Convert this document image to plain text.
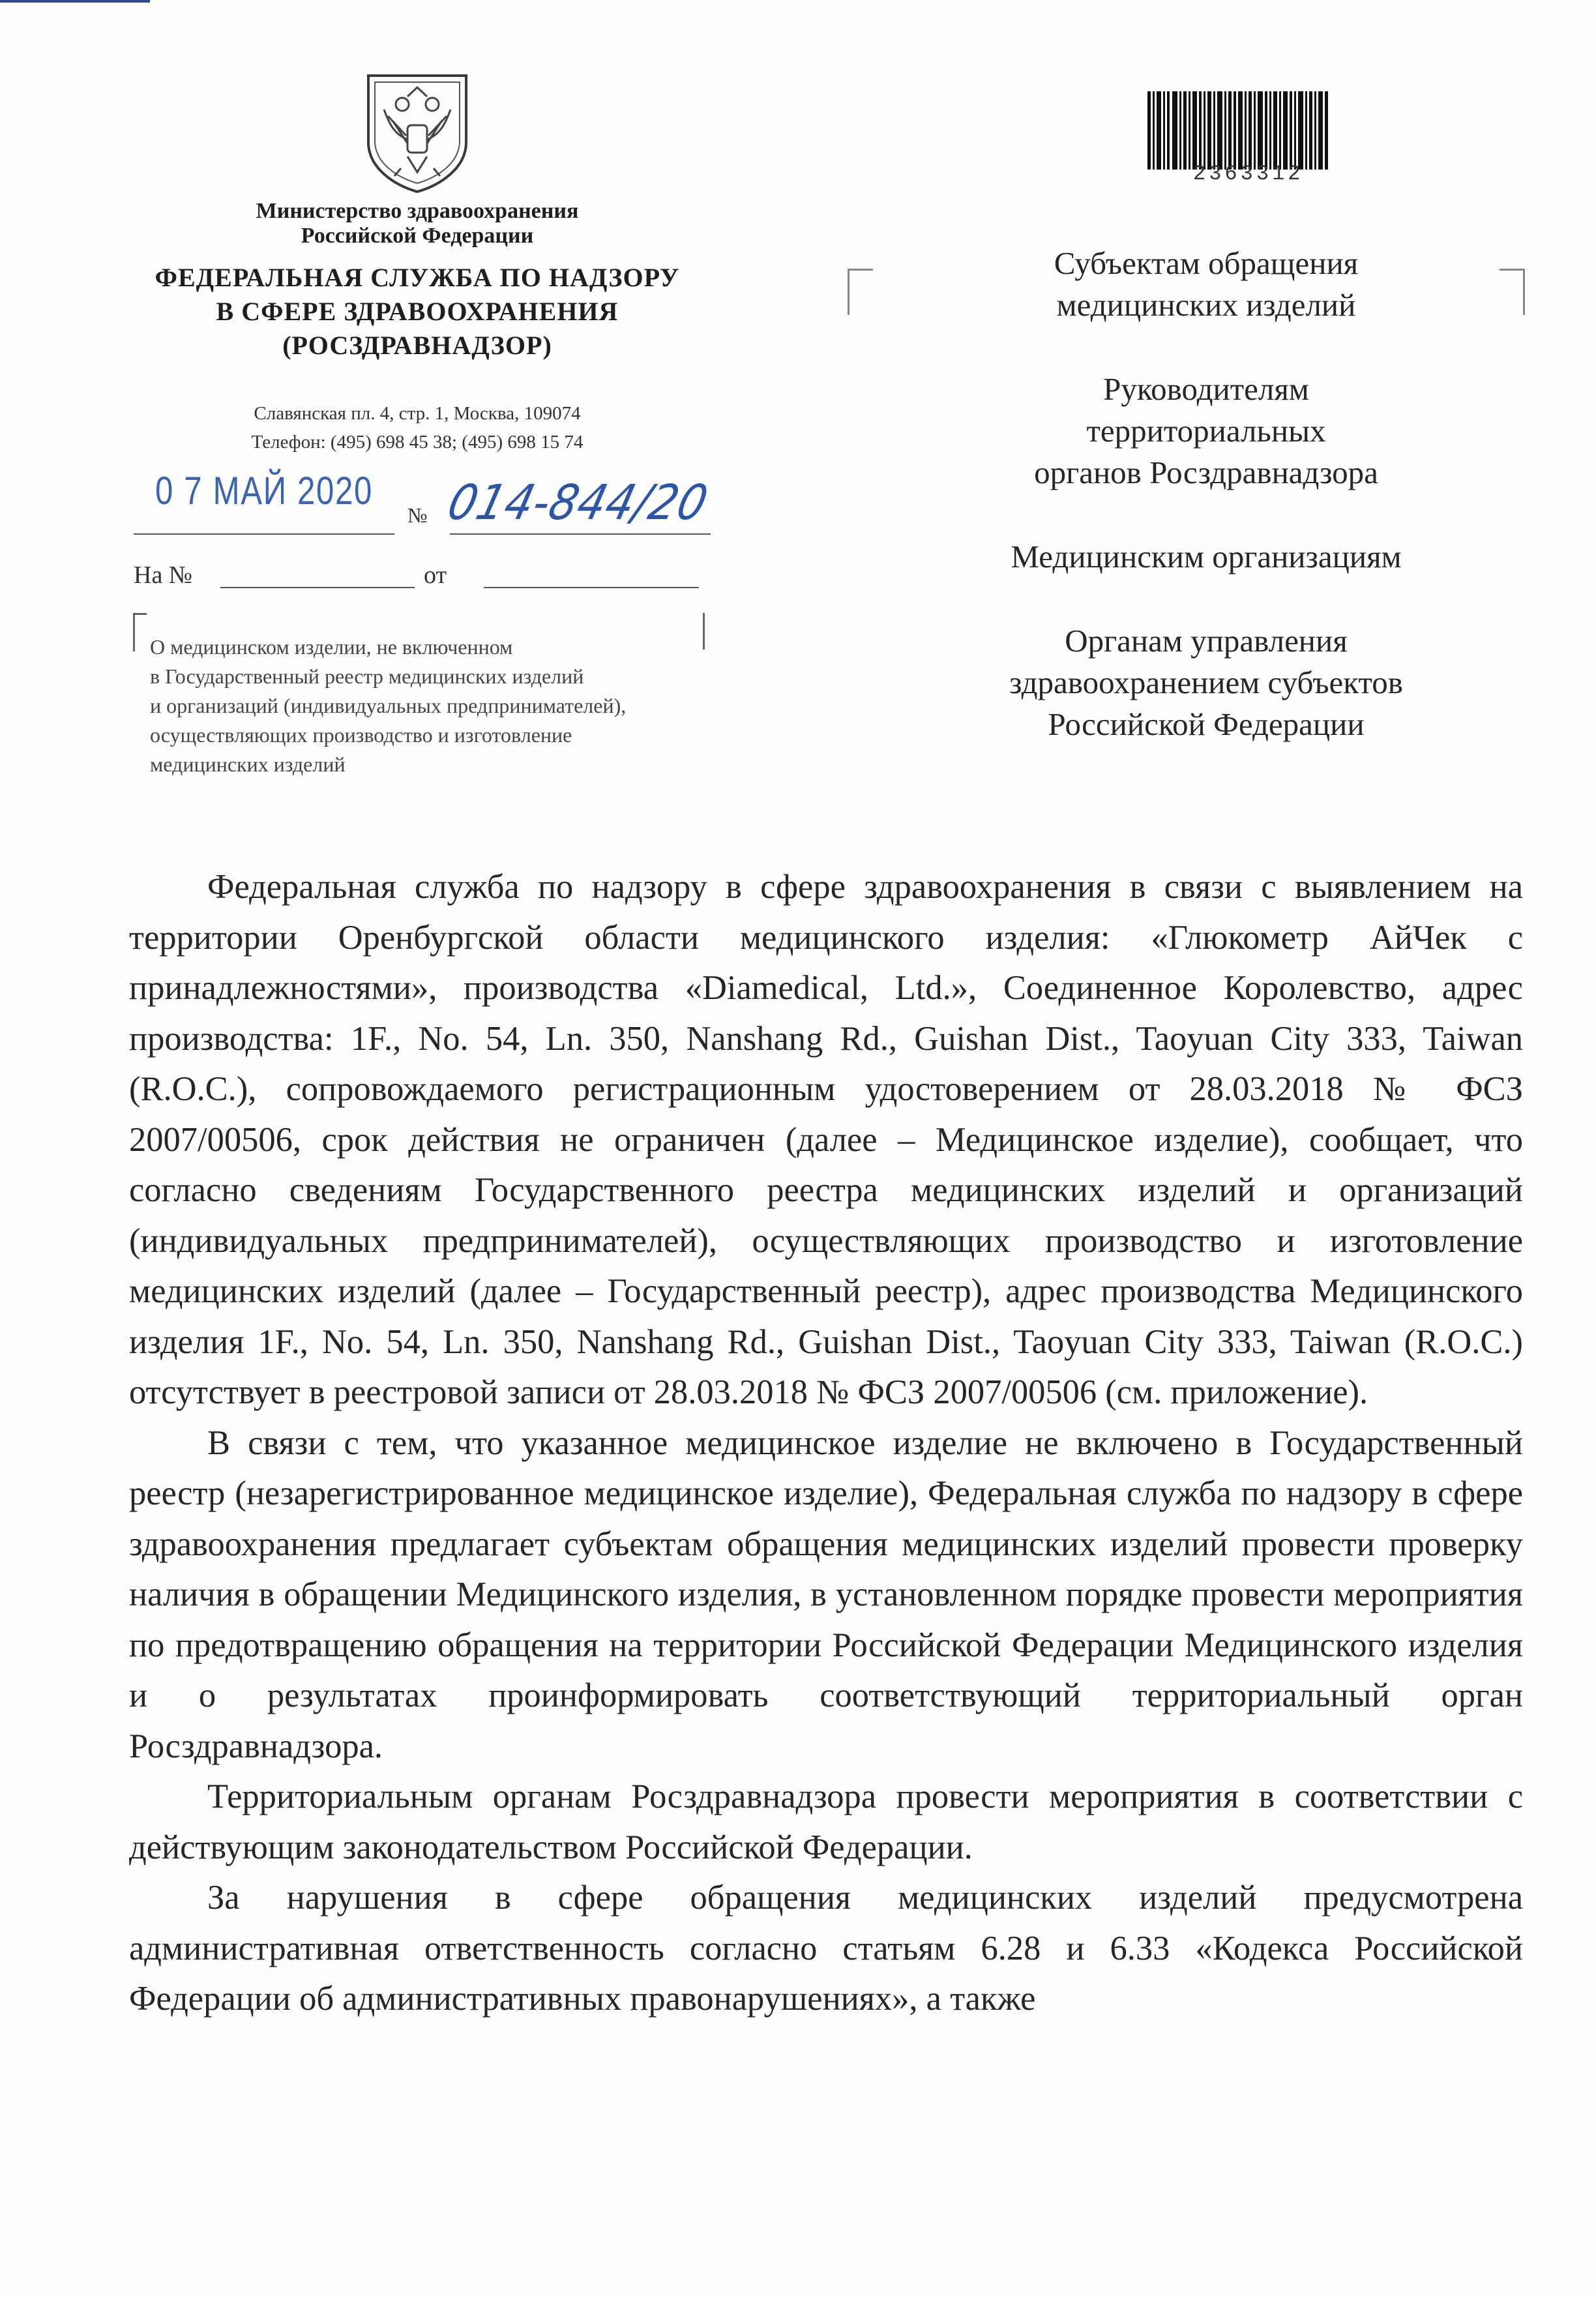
Министерство здравоохранения
Российской Федерации
ФЕДЕРАЛЬНАЯ СЛУЖБА ПО НАДЗОРУ
В СФЕРЕ ЗДРАВООХРАНЕНИЯ
(РОСЗДРАВНАДЗОР)
Славянская пл. 4, стр. 1, Москва, 109074
Телефон: (495) 698 45 38; (495) 698 15 74
0 7 МАЙ 2020
№ 014-844/20
На №	от
О медицинском изделии, не включенном
в Государственный реестр медицинских изделий
и организаций (индивидуальных предпринимателей),
осуществляющих производство и изготовление
медицинских изделий
2363312

Субъектам обращения
медицинских изделий

Руководителям
территориальных
органов Росздравнадзора

Медицинским организациям

Органам управления
здравоохранением субъектов
Российской Федерации

Федеральная служба по надзору в сфере здравоохранения в связи с выявлением на территории Оренбургской области медицинского изделия: «Глюкометр АйЧек с принадлежностями», производства «Diamedical, Ltd.», Соединенное Королевство, адрес производства: 1F., No. 54, Ln. 350, Nanshang Rd., Guishan Dist., Taoyuan City 333, Taiwan (R.O.C.), сопровождаемого регистрационным удостоверением от 28.03.2018 № ФСЗ 2007/00506, срок действия не ограничен (далее – Медицинское изделие), сообщает, что согласно сведениям Государственного реестра медицинских изделий и организаций (индивидуальных предпринимателей), осуществляющих производство и изготовление медицинских изделий (далее – Государственный реестр), адрес производства Медицинского изделия 1F., No. 54, Ln. 350, Nanshang Rd., Guishan Dist., Taoyuan City 333, Taiwan (R.O.C.) отсутствует в реестровой записи от 28.03.2018 № ФСЗ 2007/00506 (см. приложение).

В связи с тем, что указанное медицинское изделие не включено в Государственный реестр (незарегистрированное медицинское изделие), Федеральная служба по надзору в сфере здравоохранения предлагает субъектам обращения медицинских изделий провести проверку наличия в обращении Медицинского изделия, в установленном порядке провести мероприятия по предотвращению обращения на территории Российской Федерации Медицинского изделия и о результатах проинформировать соответствующий территориальный орган Росздравнадзора.

Территориальным органам Росздравнадзора провести мероприятия в соответствии с действующим законодательством Российской Федерации.

За нарушения в сфере обращения медицинских изделий предусмотрена административная ответственность согласно статьям 6.28 и 6.33 «Кодекса Российской Федерации об административных правонарушениях», а также
